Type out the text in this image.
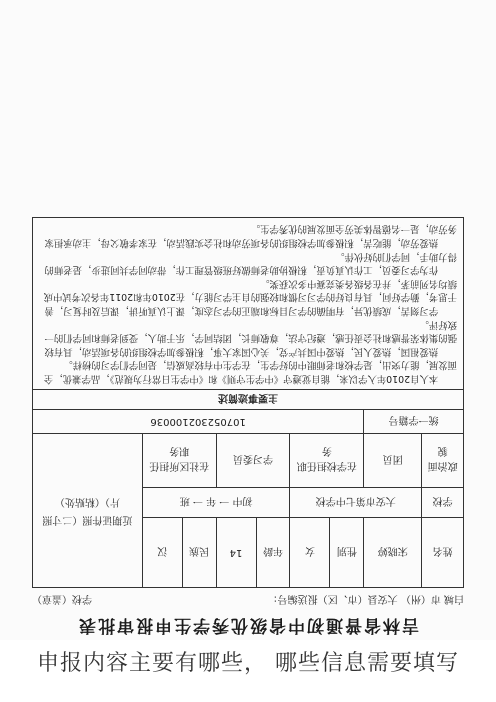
吉林省普通初中省级优秀学生申报审批表
白城 市（州） 大安县（市、区）报送编号：
学校（盖章）
姓名	宋晓婷	性别	女	年龄	14	民族	汉	近期证件照（二寸照片）（粘贴处）
学校	大安市第七中学校			初中 一 年 一 班				
政治面貌	团员	在学校担任职务		学习委员		在社区所担任职务		
统一学籍号		107052302100036						
主要事迹简述								

本人自2010年入学以来，能自觉遵守《中学生守则》和《中学生日常行为规范》，品学兼优，全面发展，能力突出，是学校和老师眼中的好学生，在学生中有较高威信，是同学们学习的榜样。

热爱祖国，热爱人民，热爱中国共产党，关心国家大事，积极参加学校组织的各项活动，具有较强的集体荣誉感和社会责任感，遵纪守法，尊敬师长，团结同学，乐于助人，受到老师和同学们的一致好评。

学习刻苦，成绩优异，有明确的学习目标和端正的学习态度，课上认真听讲，课后及时复习，善于思考，勤学好问，具有良好的学习习惯和较强的自主学习能力，在2010年和2011年各次考试中成绩均名列前茅，并在各级各类竞赛中多次获奖。

作为学习委员，工作认真负责，积极协助老师做好班级管理工作，带动同学共同进步，是老师的得力助手，同学们的好伙伴。

热爱劳动，能吃苦，积极参加学校组织的各项劳动和社会实践活动，在家孝敬父母，主动承担家务劳动，是一名德智体美劳全面发展的优秀学生。								

申报内容主要有哪些， 哪些信息需要填写
